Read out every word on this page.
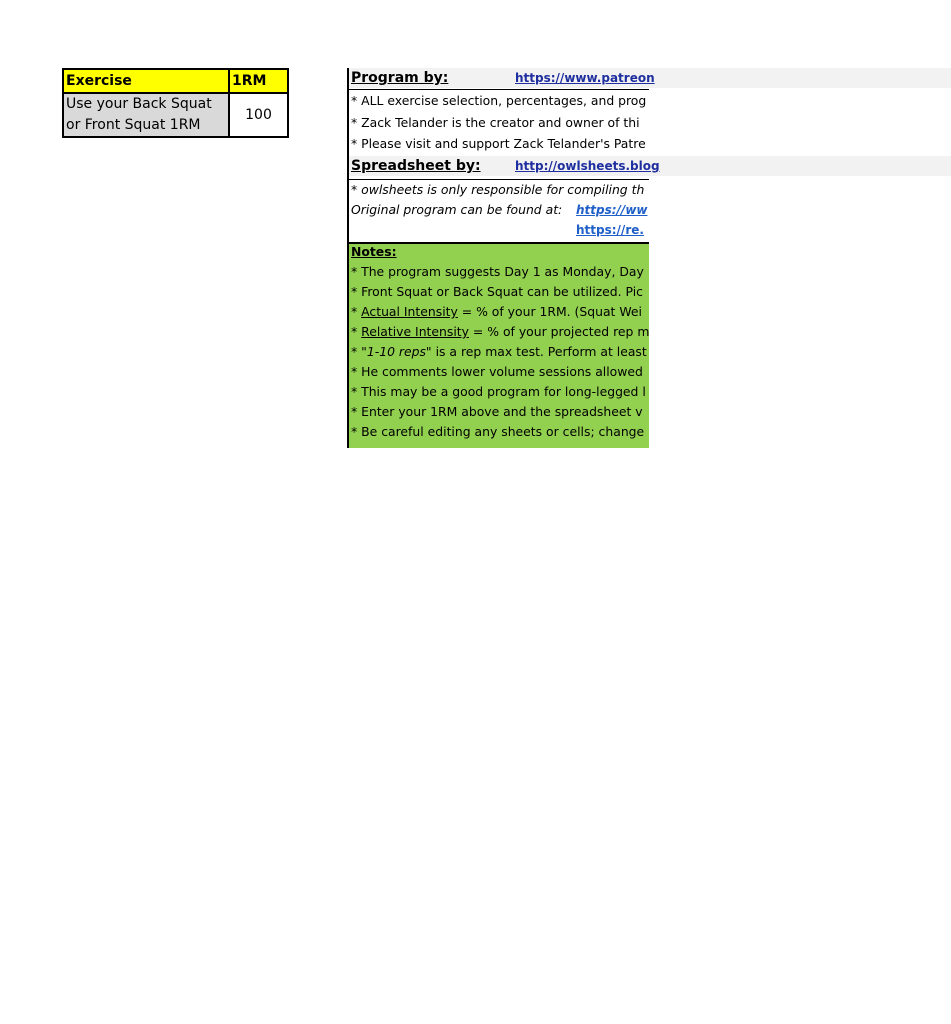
Exercise	1RM
Use your Back Squat
or Front Squat 1RM	100
Program by:	https://www.patreon
* ALL exercise selection, percentages, and prog
* Zack Telander is the creator and owner of thi
* Please visit and support Zack Telander's Patre
Spreadsheet by:	http://owlsheets.blog
* owlsheets is only responsible for compiling th
Original program can be found at: https://ww
https://re.
Notes:
* The program suggests Day 1 as Monday, Day
* Front Squat or Back Squat can be utilized. Pic
* Actual Intensity = % of your 1RM. (Squat Wei
* Relative Intensity = % of your projected rep m
* "1-10 reps" is a rep max test. Perform at least
* He comments lower volume sessions allowed
* This may be a good program for long-legged l
* Enter your 1RM above and the spreadsheet v
* Be careful editing any sheets or cells; change
